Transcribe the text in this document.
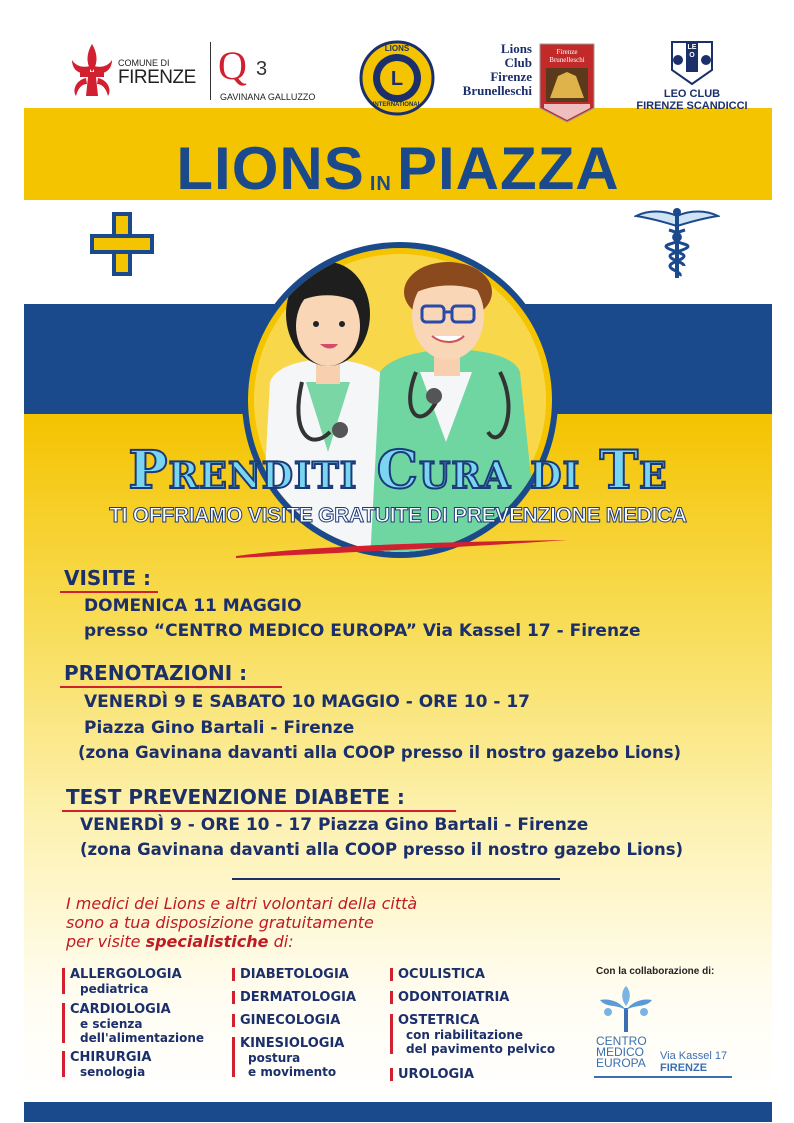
COMUNE DI
FIRENZE Q 3
GAVINANA GALLUZZO
L
LIONS
INTERNATIONAL
Lions
Club
Firenze
Brunelleschi
Firenze Brunelleschi
LEO
LEO CLUB
FIRENZE SCANDICCI
LIONS IN PIAZZA
Prenditi Cura di Te
TI OFFRIAMO VISITE GRATUITE DI PREVENZIONE MEDICA
VISITE :
DOMENICA 11 MAGGIO
presso “CENTRO MEDICO EUROPA” Via Kassel 17 - Firenze
PRENOTAZIONI :
VENERDÌ 9 E SABATO 10 MAGGIO - ORE 10 - 17
Piazza Gino Bartali - Firenze
(zona Gavinana davanti alla COOP presso il nostro gazebo Lions)
TEST PREVENZIONE DIABETE :
VENERDÌ 9 - ORE 10 - 17 Piazza Gino Bartali - Firenze
(zona Gavinana davanti alla COOP presso il nostro gazebo Lions)
I medici dei Lions e altri volontari della città
sono a tua disposizione gratuitamente
per visite specialistiche di:
ALLERGOLOGIA
pediatrica
CARDIOLOGIA
e scienza
dell'alimentazione
CHIRURGIA
senologia
DIABETOLOGIA
DERMATOLOGIA
GINECOLOGIA
KINESIOLOGIA
postura
e movimento
OCULISTICA
ODONTOIATRIA
OSTETRICA
con riabilitazione
del pavimento pelvico
UROLOGIA
Con la collaborazione di:
CENTRO
MEDICO
EUROPA Via Kassel 17
FIRENZE
